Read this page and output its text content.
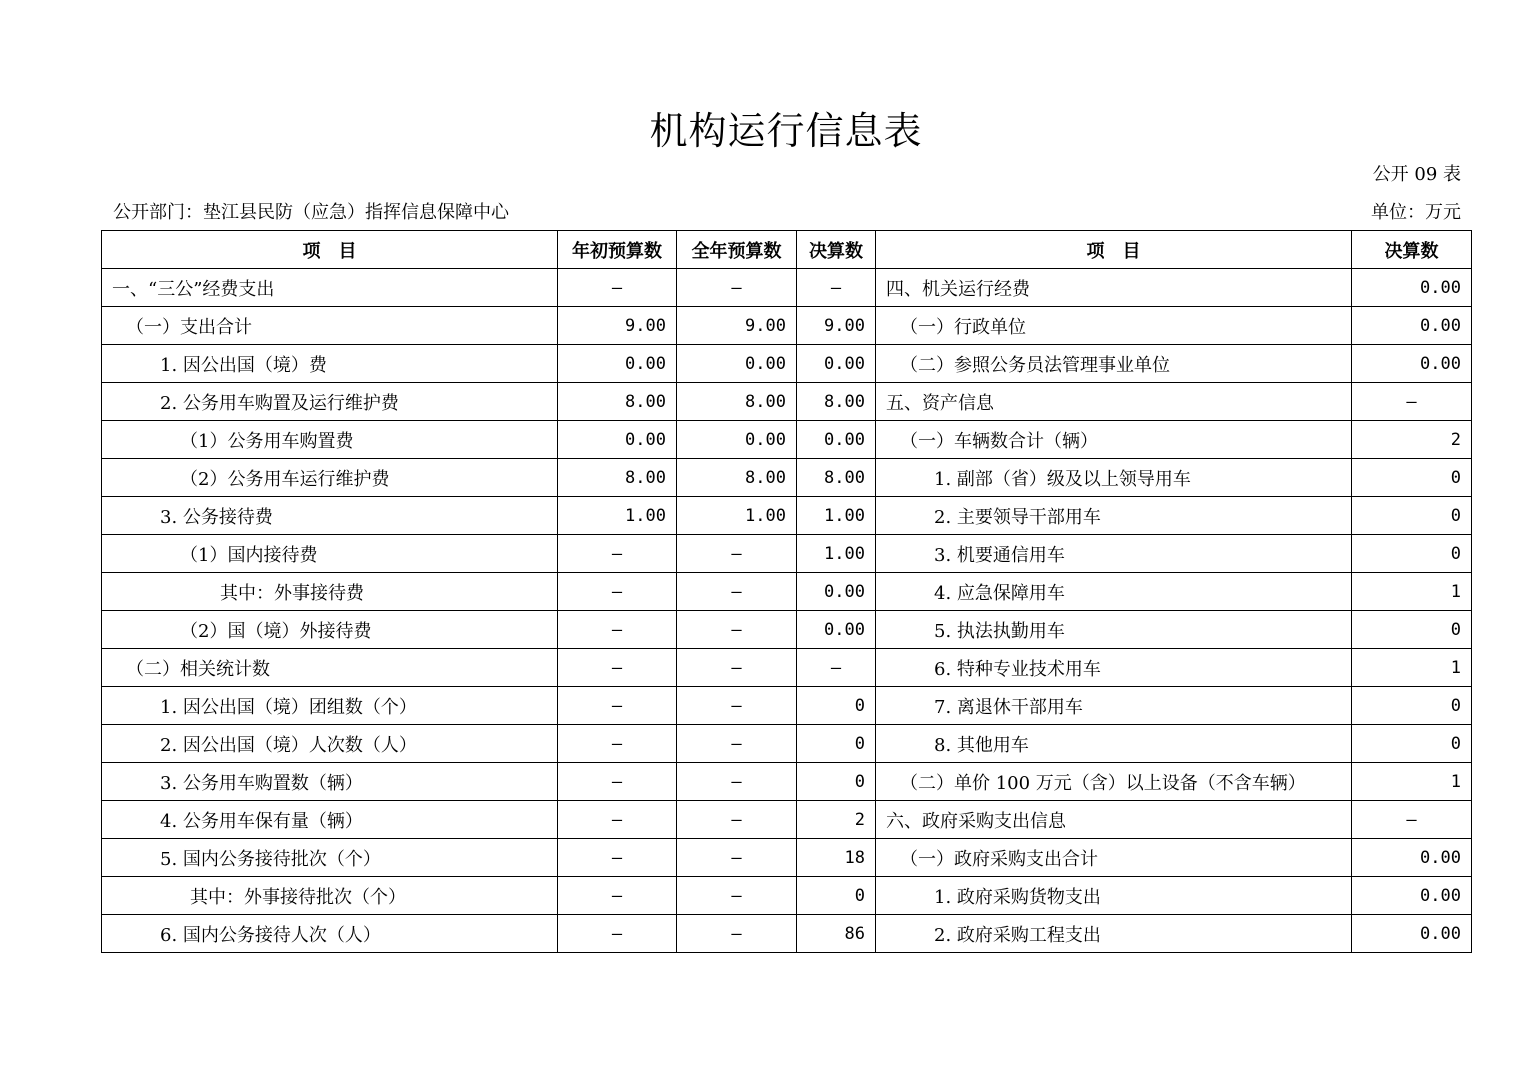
机构运行信息表
公开 09 表
公开部门：垫江县民防（应急）指挥信息保障中心	单位：万元
项　目	年初预算数	全年预算数	决算数	项　目	决算数
一、“三公”经费支出	—	—	—	四、机关运行经费	0.00
（一）支出合计	9.00	9.00	9.00	（一）行政单位	0.00
1. 因公出国（境）费	0.00	0.00	0.00	（二）参照公务员法管理事业单位	0.00
2. 公务用车购置及运行维护费	8.00	8.00	8.00	五、资产信息	—
（1）公务用车购置费	0.00	0.00	0.00	（一）车辆数合计（辆）	2
（2）公务用车运行维护费	8.00	8.00	8.00	1. 副部（省）级及以上领导用车	0
3. 公务接待费	1.00	1.00	1.00	2. 主要领导干部用车	0
（1）国内接待费	—	—	1.00	3. 机要通信用车	0
其中：外事接待费	—	—	0.00	4. 应急保障用车	1
（2）国（境）外接待费	—	—	0.00	5. 执法执勤用车	0
（二）相关统计数	—	—	—	6. 特种专业技术用车	1
1. 因公出国（境）团组数（个）	—	—	0	7. 离退休干部用车	0
2. 因公出国（境）人次数（人）	—	—	0	8. 其他用车	0
3. 公务用车购置数（辆）	—	—	0	（二）单价 100 万元（含）以上设备（不含车辆）	1
4. 公务用车保有量（辆）	—	—	2	六、政府采购支出信息	—
5. 国内公务接待批次（个）	—	—	18	（一）政府采购支出合计	0.00
其中：外事接待批次（个）	—	—	0	1. 政府采购货物支出	0.00
6. 国内公务接待人次（人）	—	—	86	2. 政府采购工程支出	0.00
